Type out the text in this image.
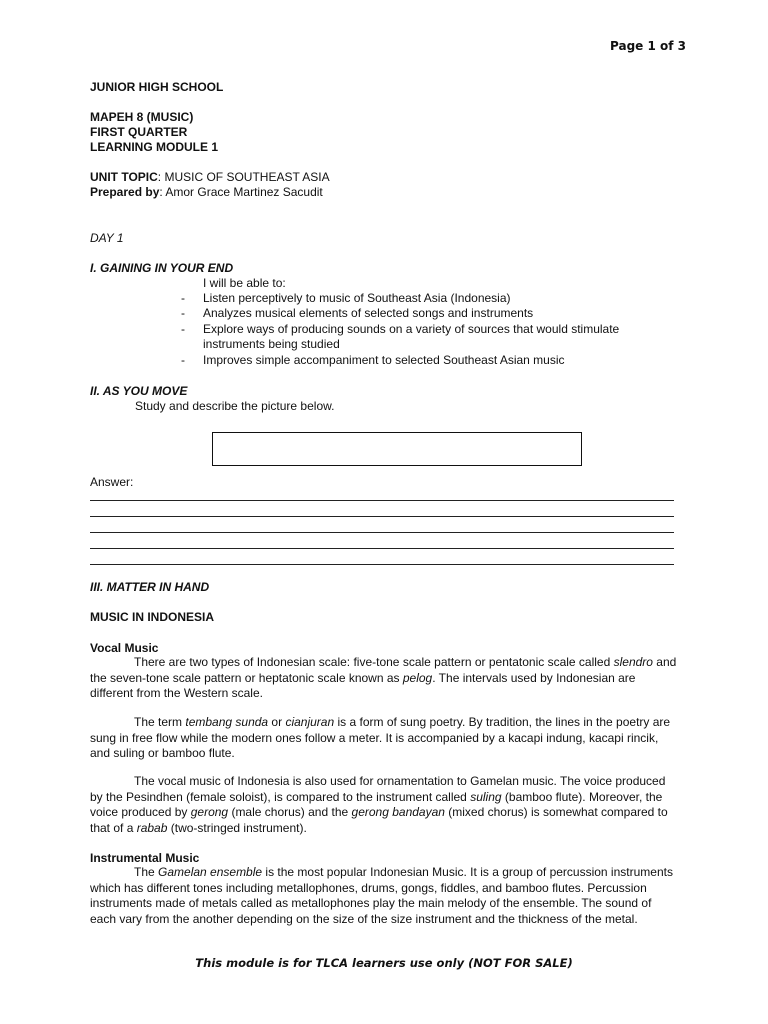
Page 1 of 3
JUNIOR HIGH SCHOOL
MAPEH 8 (MUSIC)
FIRST QUARTER
LEARNING MODULE 1
UNIT TOPIC: MUSIC OF SOUTHEAST ASIA
Prepared by: Amor Grace Martinez Sacudit
DAY 1
I. GAINING IN YOUR END
I will be able to:
- Listen perceptively to music of Southeast Asia (Indonesia)
- Analyzes musical elements of selected songs and instruments
- Explore ways of producing sounds on a variety of sources that would stimulate
instruments being studied
- Improves simple accompaniment to selected Southeast Asian music
II. AS YOU MOVE
Study and describe the picture below.
Answer:
III. MATTER IN HAND
MUSIC IN INDONESIA
Vocal Music
There are two types of Indonesian scale: five-tone scale pattern or pentatonic scale called slendro and the seven-tone scale pattern or heptatonic scale known as pelog. The intervals used by Indonesian are different from the Western scale.
The term tembang sunda or cianjuran is a form of sung poetry. By tradition, the lines in the poetry are sung in free flow while the modern ones follow a meter. It is accompanied by a kacapi indung, kacapi rincik, and suling or bamboo flute.
The vocal music of Indonesia is also used for ornamentation to Gamelan music. The voice produced by the Pesindhen (female soloist), is compared to the instrument called suling (bamboo flute). Moreover, the voice produced by gerong (male chorus) and the gerong bandayan (mixed chorus) is somewhat compared to that of a rabab (two-stringed instrument).
Instrumental Music
The Gamelan ensemble is the most popular Indonesian Music. It is a group of percussion instruments which has different tones including metallophones, drums, gongs, fiddles, and bamboo flutes. Percussion instruments made of metals called as metallophones play the main melody of the ensemble. The sound of each vary from the another depending on the size of the size instrument and the thickness of the metal.
This module is for TLCA learners use only (NOT FOR SALE)
